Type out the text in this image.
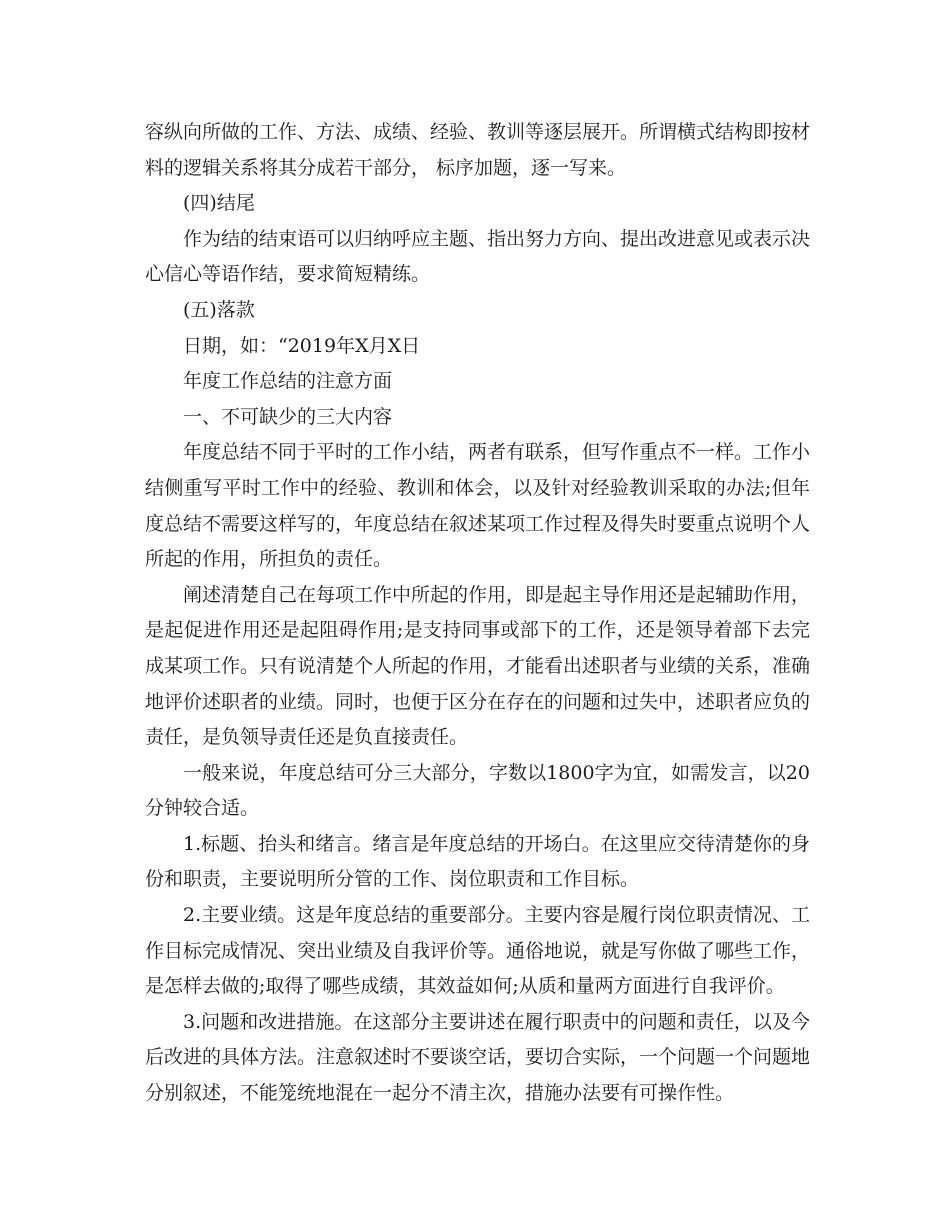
容纵向所做的工作、方法、成绩、经验、教训等逐层展开。所谓横式结构即按材料的逻辑关系将其分成若干部分， 标序加题，逐一写来。

(四)结尾

作为结的结束语可以归纳呼应主题、指出努力方向、提出改进意见或表示决心信心等语作结，要求简短精练。

(五)落款

日期，如：“2019年X月X日

年度工作总结的注意方面

一、不可缺少的三大内容

年度总结不同于平时的工作小结，两者有联系，但写作重点不一样。工作小结侧重写平时工作中的经验、教训和体会，以及针对经验教训采取的办法;但年度总结不需要这样写的，年度总结在叙述某项工作过程及得失时要重点说明个人所起的作用，所担负的责任。

阐述清楚自己在每项工作中所起的作用，即是起主导作用还是起辅助作用，是起促进作用还是起阻碍作用;是支持同事或部下的工作，还是领导着部下去完成某项工作。只有说清楚个人所起的作用，才能看出述职者与业绩的关系，准确地评价述职者的业绩。同时，也便于区分在存在的问题和过失中，述职者应负的责任，是负领导责任还是负直接责任。

一般来说，年度总结可分三大部分，字数以1800字为宜，如需发言，以20分钟较合适。

1.标题、抬头和绪言。绪言是年度总结的开场白。在这里应交待清楚你的身份和职责，主要说明所分管的工作、岗位职责和工作目标。

2.主要业绩。这是年度总结的重要部分。主要内容是履行岗位职责情况、工作目标完成情况、突出业绩及自我评价等。通俗地说，就是写你做了哪些工作，是怎样去做的;取得了哪些成绩，其效益如何;从质和量两方面进行自我评价。

3.问题和改进措施。在这部分主要讲述在履行职责中的问题和责任，以及今后改进的具体方法。注意叙述时不要谈空话，要切合实际，一个问题一个问题地分别叙述，不能笼统地混在一起分不清主次，措施办法要有可操作性。
